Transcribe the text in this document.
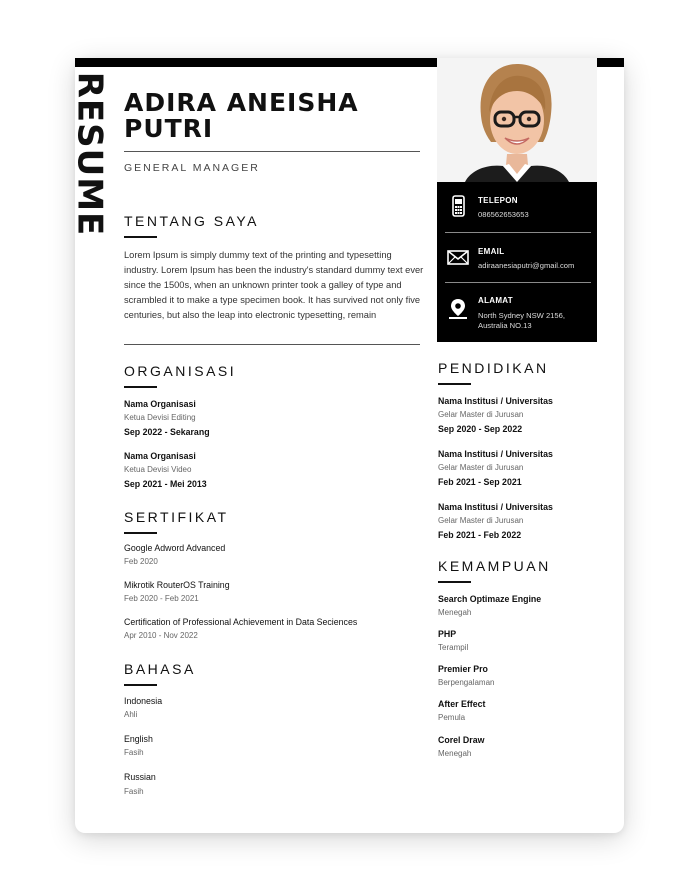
RESUME ADIRA ANEISHA
PUTRI
GENERAL MANAGER
TENTANG SAYA
Lorem Ipsum is simply dummy text of the printing and typesetting industry. Lorem Ipsum has been the industry's standard dummy text ever since the 1500s, when an unknown printer took a galley of type and scrambled it to make a type specimen book. It has survived not only five centuries, but also the leap into electronic typesetting, remain
ORGANISASI
Nama Organisasi
Ketua Devisi Editing
Sep 2022 - Sekarang
Nama Organisasi
Ketua Devisi Video
Sep 2021 - Mei 2013
SERTIFIKAT
Google Adword Advanced
Feb 2020
Mikrotik RouterOS Training
Feb 2020 - Feb 2021
Certification of Professional Achievement in Data Seciences
Apr 2010 - Nov 2022
BAHASA
Indonesia
Ahli
English
Fasih
Russian
Fasih
TELEPON
086562653653
EMAIL
adiraanesiaputri@gmail.com
ALAMAT
North Sydney NSW 2156,
Australia NO.13
PENDIDIKAN
Nama Institusi / Universitas
Gelar Master di Jurusan
Sep 2020 - Sep 2022
Nama Institusi / Universitas
Gelar Master di Jurusan
Feb 2021 - Sep 2021
Nama Institusi / Universitas
Gelar Master di Jurusan
Feb 2021 - Feb 2022
KEMAMPUAN
Search Optimaze Engine
Menegah
PHP
Terampil
Premier Pro
Berpengalaman
After Effect
Pemula
Corel Draw
Menegah
